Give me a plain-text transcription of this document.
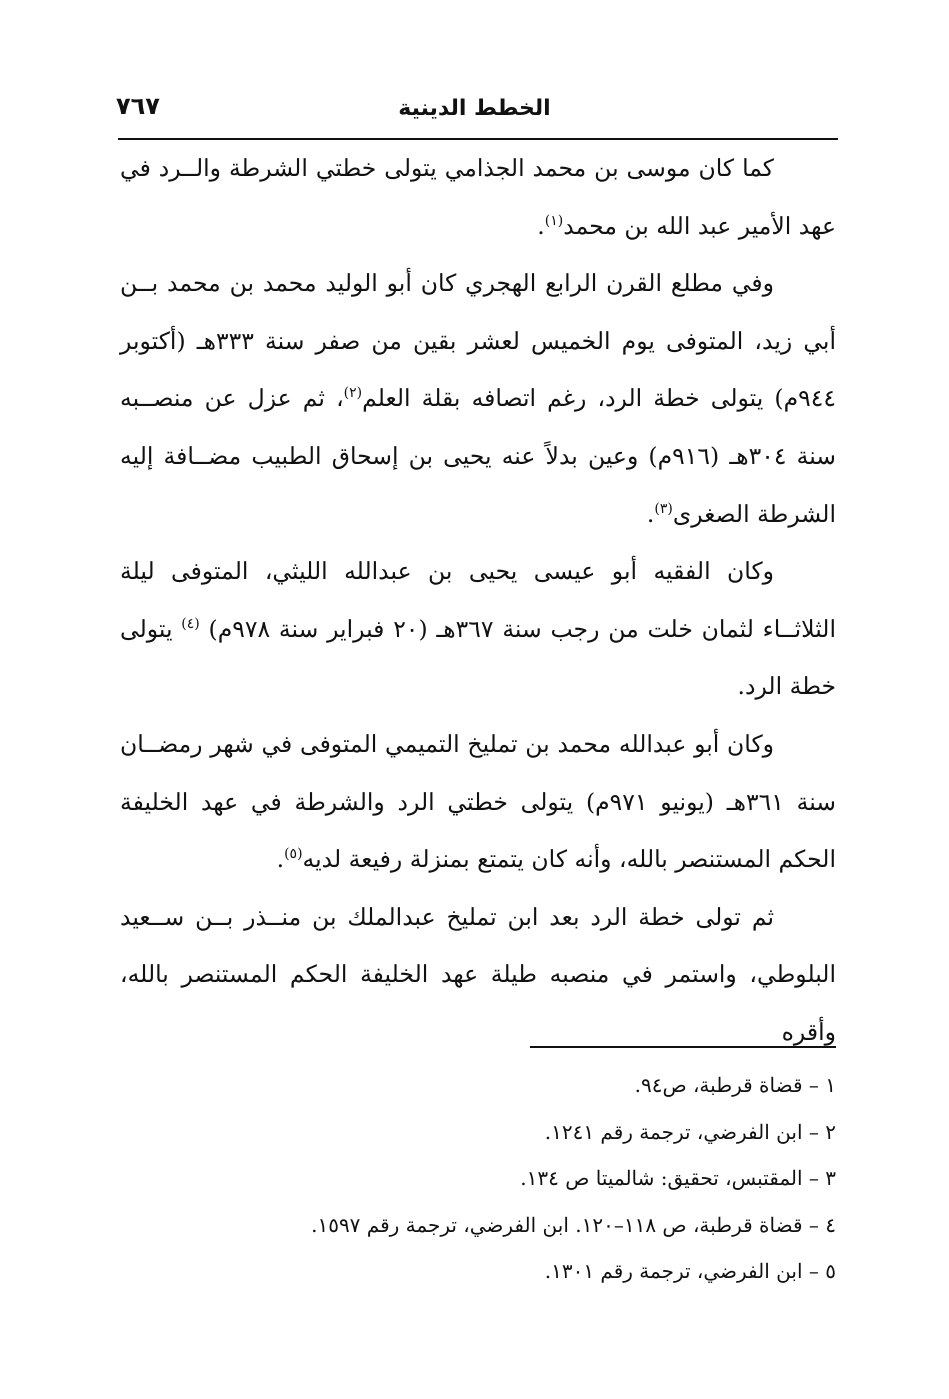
٧٦٧	الخطط الدينية

كما كان موسى بن محمد الجذامي يتولى خطتي الشرطة والــرد في عهد الأمير عبد الله بن محمد$^{(١)}$.

وفي مطلع القرن الرابع الهجري كان أبو الوليد محمد بن محمد بــن أبي زيد، المتوفى يوم الخميس لعشر بقين من صفر سنة ٣٣٣هـ (أكتوبر ٩٤٤م) يتولى خطة الرد، رغم اتصافه بقلة العلم$^{(٢)}$، ثم عزل عن منصــبه سنة ٣٠٤هـ (٩١٦م) وعين بدلاً عنه يحيى بن إسحاق الطبيب مضــافة إليه الشرطة الصغرى$^{(٣)}$.

وكان الفقيه أبو عيسى يحيى بن عبدالله الليثي، المتوفى ليلة الثلاثــاء لثمان خلت من رجب سنة ٣٦٧هـ (٢٠ فبراير سنة ٩٧٨م) $^{(٤)}$ يتولى خطة الرد.

وكان أبو عبدالله محمد بن تمليخ التميمي المتوفى في شهر رمضــان سنة ٣٦١هـ (يونيو ٩٧١م) يتولى خطتي الرد والشرطة في عهد الخليفة الحكم المستنصر بالله، وأنه كان يتمتع بمنزلة رفيعة لديه$^{(٥)}$.

ثم تولى خطة الرد بعد ابن تمليخ عبدالملك بن منــذر بــن ســعيد البلوطي، واستمر في منصبه طيلة عهد الخليفة الحكم المستنصر بالله، وأقره

١ – قضاة قرطبة، ص٩٤.
٢ – ابن الفرضي، ترجمة رقم ١٢٤١.
٣ – المقتبس، تحقيق: شالميتا ص ١٣٤.
٤ – قضاة قرطبة، ص ١١٨–١٢٠. ابن الفرضي، ترجمة رقم ١٥٩٧.
٥ – ابن الفرضي، ترجمة رقم ١٣٠١.
